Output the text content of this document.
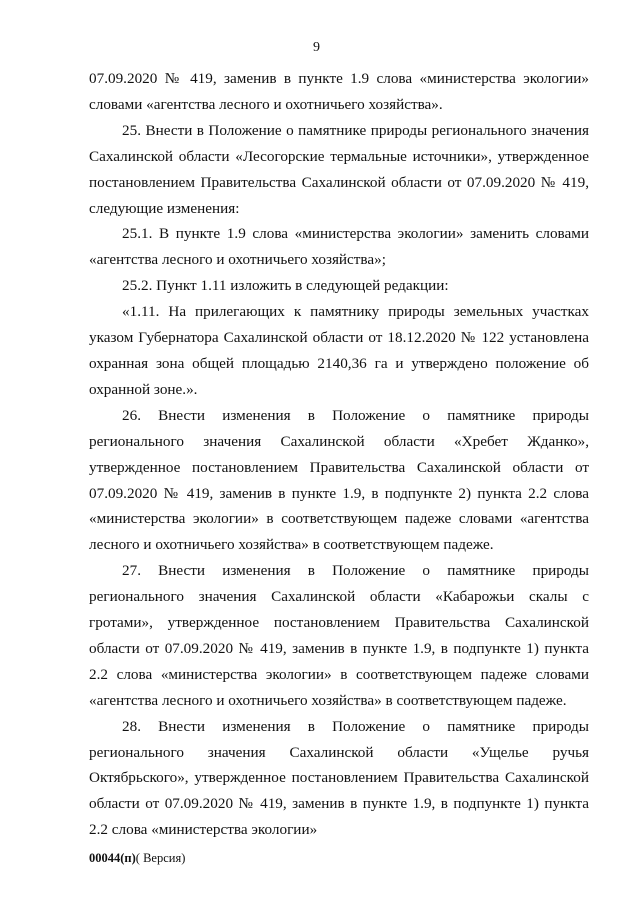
9

07.09.2020 № 419, заменив в пункте 1.9 слова «министерства экологии» словами «агентства лесного и охотничьего хозяйства».

25. Внести в Положение о памятнике природы регионального значения Сахалинской области «Лесогорские термальные источники», утвержденное постановлением Правительства Сахалинской области от 07.09.2020 № 419, следующие изменения:

25.1. В пункте 1.9 слова «министерства экологии» заменить словами «агентства лесного и охотничьего хозяйства»;

25.2. Пункт 1.11 изложить в следующей редакции:

«1.11. На прилегающих к памятнику природы земельных участках указом Губернатора Сахалинской области от 18.12.2020 № 122 установлена охранная зона общей площадью 2140,36 га и утверждено положение об охранной зоне.».

26. Внести изменения в Положение о памятнике природы регионального значения Сахалинской области «Хребет Жданко», утвержденное постановлением Правительства Сахалинской области от 07.09.2020 № 419, заменив в пункте 1.9, в подпункте 2) пункта 2.2 слова «министерства экологии» в соответствующем падеже словами «агентства лесного и охотничьего хозяйства» в соответствующем падеже.

27. Внести изменения в Положение о памятнике природы регионального значения Сахалинской области «Кабарожьи скалы с гротами», утвержденное постановлением Правительства Сахалинской области от 07.09.2020 № 419, заменив в пункте 1.9, в подпункте 1) пункта 2.2 слова «министерства экологии» в соответствующем падеже словами «агентства лесного и охотничьего хозяйства» в соответствующем падеже.

28. Внести изменения в Положение о памятнике природы регионального значения Сахалинской области «Ущелье ручья Октябрьского», утвержденное постановлением Правительства Сахалинской области от 07.09.2020 № 419, заменив в пункте 1.9, в подпункте 1) пункта 2.2 слова «министерства экологии»

00044(п)( Версия)
